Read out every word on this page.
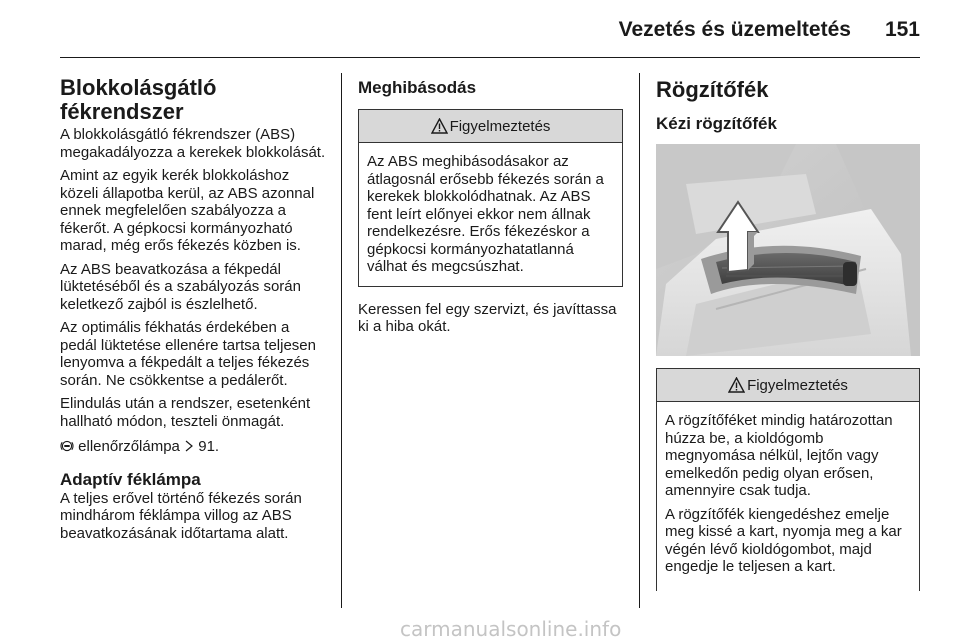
Vezetés és üzemeltetés 151
Blokkolásgátló
fékrendszer

A blokkolásgátló fékrendszer (ABS) megakadályozza a kerekek blokkolását.

Amint az egyik kerék blokkoláshoz közeli állapotba kerül, az ABS azonnal ennek megfelelően szabályozza a fékerőt. A gépkocsi kormányozható marad, még erős fékezés közben is.

Az ABS beavatkozása a fékpedál lüktetéséből és a szabályozás során keletkező zajból is észlelhető.

Az optimális fékhatás érdekében a pedál lüktetése ellenére tartsa teljesen lenyomva a fékpedált a teljes fékezés során. Ne csökkentse a pedálerőt.

Elindulás után a rendszer, esetenként hallható módon, teszteli önmagát.

ellenőrzőlámpa 91.

Adaptív féklámpa

A teljes erővel történő fékezés során mindhárom féklámpa villog az ABS beavatkozásának időtartama alatt.

Meghibásodás
Figyelmeztetés

Az ABS meghibásodásakor az átlagosnál erősebb fékezés során a kerekek blokkolódhatnak. Az ABS fent leírt előnyei ekkor nem állnak rendelkezésre. Erős fékezéskor a gépkocsi kormányozhatatlanná válhat és megcsúszhat.

Keressen fel egy szervizt, és javíttassa ki a hiba okát.

Rögzítőfék
Kézi rögzítőfék
Figyelmeztetés

A rögzítőféket mindig határozottan húzza be, a kioldógomb megnyomása nélkül, lejtőn vagy emelkedőn pedig olyan erősen, amennyire csak tudja.

A rögzítőfék kiengedéshez emelje meg kissé a kart, nyomja meg a kar végén lévő kioldógombot, majd engedje le teljesen a kart.

carmanualsonline.info
